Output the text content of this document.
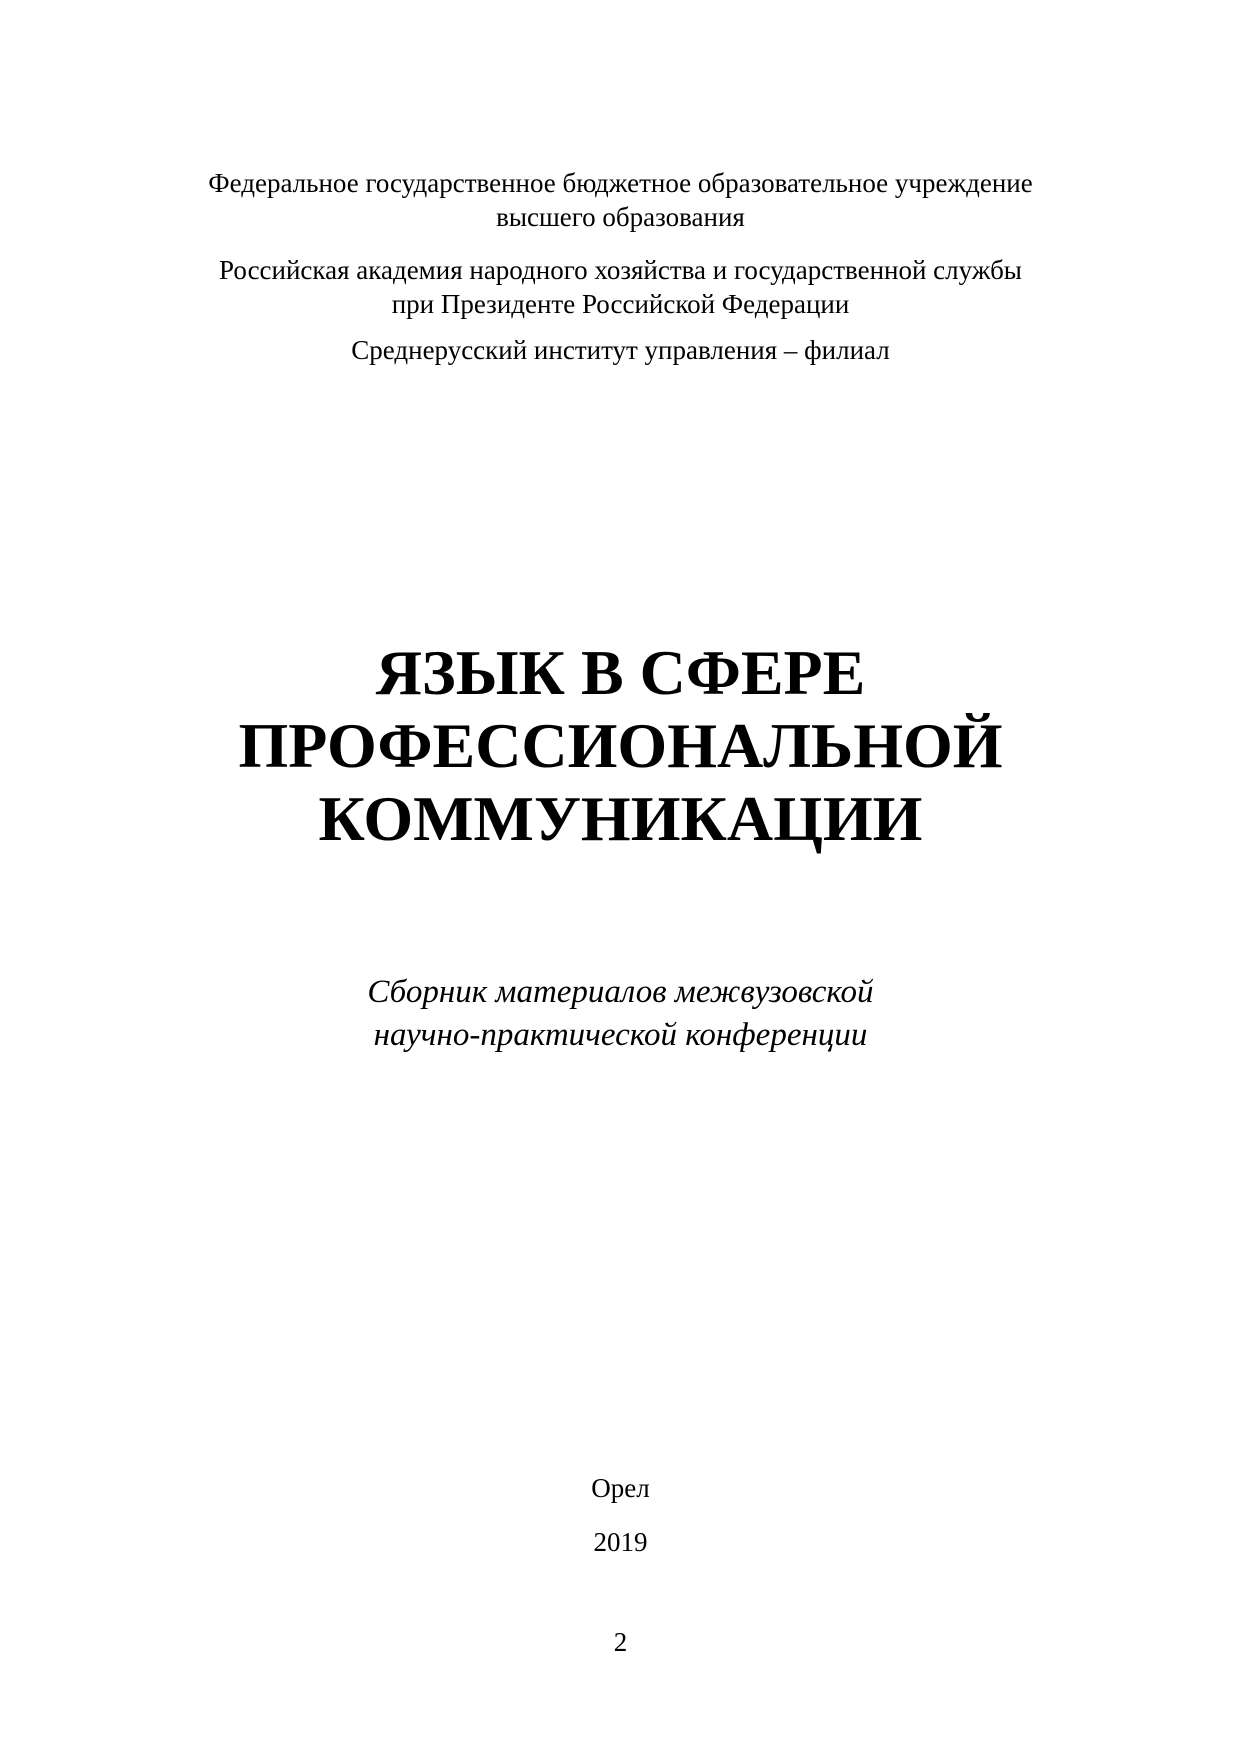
Федеральное государственное бюджетное образовательное учреждение
высшего образования
Российская академия народного хозяйства и государственной службы
при Президенте Российской Федерации
Среднерусский институт управления – филиал
ЯЗЫК В СФЕРЕ
ПРОФЕССИОНАЛЬНОЙ
КОММУНИКАЦИИ
Сборник материалов межвузовской
научно-практической конференции
Орел
2019
2
